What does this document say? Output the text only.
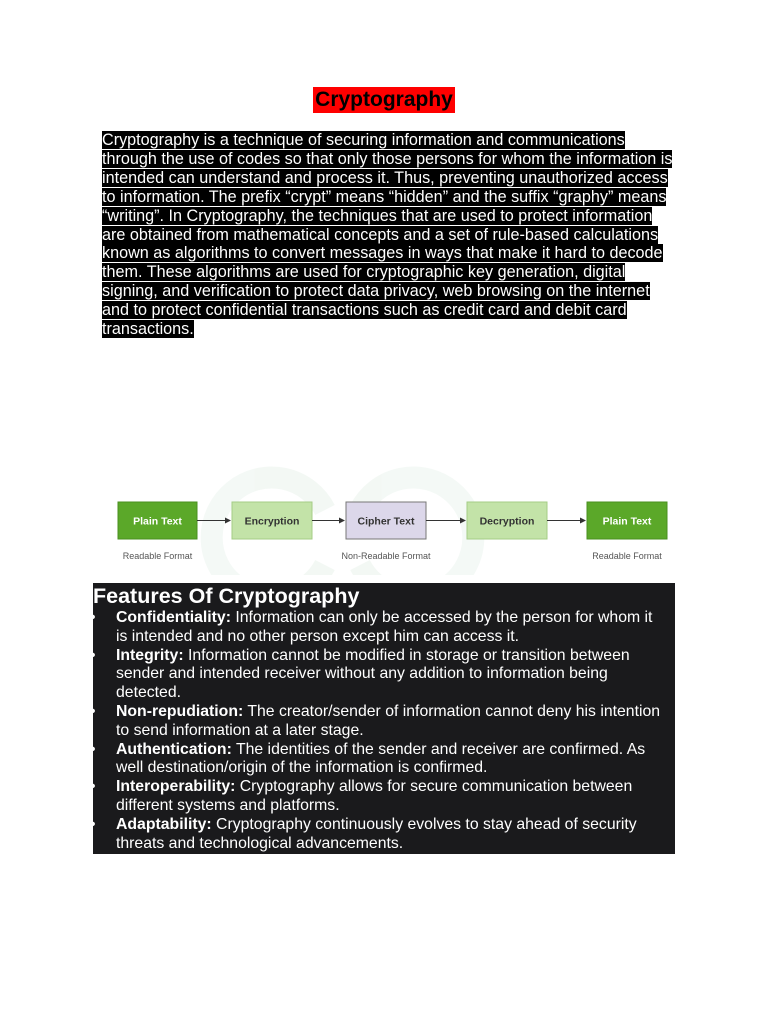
Cryptography

Cryptography is a technique of securing information and communications through the use of codes so that only those persons for whom the information is intended can understand and process it. Thus, preventing unauthorized access to information. The prefix “crypt” means “hidden” and the suffix “graphy” means “writing”. In Cryptography, the techniques that are used to protect information are obtained from mathematical concepts and a set of rule-based calculations known as algorithms to convert messages in ways that make it hard to decode them. These algorithms are used for cryptographic key generation, digital signing, and verification to protect data privacy, web browsing on the internet and to protect confidential transactions such as credit card and debit card transactions.

Plain Text	Encryption	Cipher Text	Decryption	Plain Text
Readable Format	Non-Readable Format	Readable Format
Features Of Cryptography
• Confidentiality: Information can only be accessed by the person for whom it is intended and no other person except him can access it.
• Integrity: Information cannot be modified in storage or transition between sender and intended receiver without any addition to information being detected.
• Non-repudiation: The creator/sender of information cannot deny his intention to send information at a later stage.
• Authentication: The identities of the sender and receiver are confirmed. As well destination/origin of the information is confirmed.
• Interoperability: Cryptography allows for secure communication between different systems and platforms.
• Adaptability: Cryptography continuously evolves to stay ahead of security threats and technological advancements.
